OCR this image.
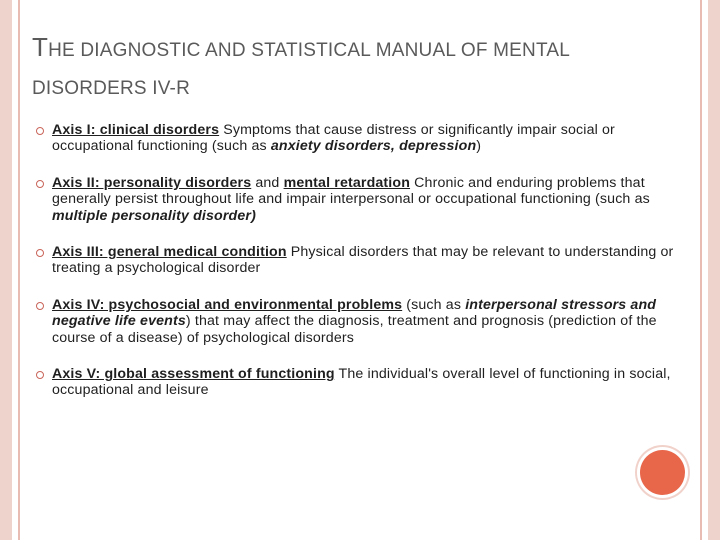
THE DIAGNOSTIC AND STATISTICAL MANUAL OF MENTAL
DISORDERS IV-R
Axis I: clinical disorders Symptoms that cause distress or significantly impair social or occupational functioning (such as anxiety disorders, depression)
Axis II: personality disorders and mental retardation Chronic and enduring problems that generally persist throughout life and impair interpersonal or occupational functioning (such as multiple personality disorder)
Axis III: general medical condition Physical disorders that may be relevant to understanding or treating a psychological disorder
Axis IV: psychosocial and environmental problems (such as interpersonal stressors and negative life events) that may affect the diagnosis, treatment and prognosis (prediction of the course of a disease) of psychological disorders
Axis V: global assessment of functioning The individual's overall level of functioning in social, occupational and leisure
